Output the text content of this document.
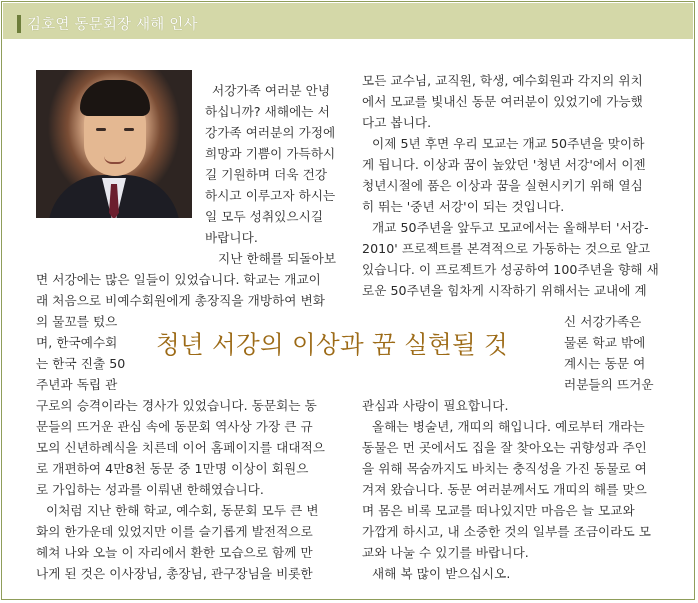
김호연 동문회장 새해 인사
서강가족 여러분 안녕
하십니까? 새해에는 서
강가족 여러분의 가정에
희망과 기쁨이 가득하시
길 기원하며 더욱 건강
하시고 이루고자 하시는
일 모두 성취있으시길
바랍니다.
지난 한해를 되돌아보
면 서강에는 많은 일들이 있었습니다. 학교는 개교이
래 처음으로 비예수회원에게 총장직을 개방하여 변화
의 물꼬를 텄으
며, 한국예수회
는 한국 진출 50
주년과 독립 관
구로의 승격이라는 경사가 있었습니다. 동문회는 동
문들의 뜨거운 관심 속에 동문회 역사상 가장 큰 규
모의 신년하례식을 치른데 이어 홈페이지를 대대적으
로 개편하여 4만8천 동문 중 1만명 이상이 회원으
로 가입하는 성과를 이뤄낸 한해였습니다.
이처럼 지난 한해 학교, 예수회, 동문회 모두 큰 변
화의 한가운데 있었지만 이를 슬기롭게 발전적으로
헤쳐 나와 오늘 이 자리에서 환한 모습으로 함께 만
나게 된 것은 이사장님, 총장님, 관구장님을 비롯한
모든 교수님, 교직원, 학생, 예수회원과 각지의 위치
에서 모교를 빛내신 동문 여러분이 있었기에 가능했
다고 봅니다.
이제 5년 후면 우리 모교는 개교 50주년을 맞이하
게 됩니다. 이상과 꿈이 높았던 '청년 서강'에서 이젠
청년시절에 품은 이상과 꿈을 실현시키기 위해 열심
히 뛰는 '중년 서강'이 되는 것입니다.
개교 50주년을 앞두고 모교에서는 올해부터 '서강-
2010' 프로젝트를 본격적으로 가동하는 것으로 알고
있습니다. 이 프로젝트가 성공하여 100주년을 향해 새
로운 50주년을 힘차게 시작하기 위해서는 교내에 계
신 서강가족은
물론 학교 밖에
계시는 동문 여
러분들의 뜨거운
관심과 사랑이 필요합니다.
올해는 병술년, 개띠의 해입니다. 예로부터 개라는
동물은 먼 곳에서도 집을 잘 찾아오는 귀향성과 주인
을 위해 목숨까지도 바치는 충직성을 가진 동물로 여
겨져 왔습니다. 동문 여러분께서도 개띠의 해를 맞으
며 몸은 비록 모교를 떠나있지만 마음은 늘 모교와
가깝게 하시고, 내 소중한 것의 일부를 조금이라도 모
교와 나눌 수 있기를 바랍니다.
새해 복 많이 받으십시오.
청년 서강의 이상과 꿈 실현될 것
